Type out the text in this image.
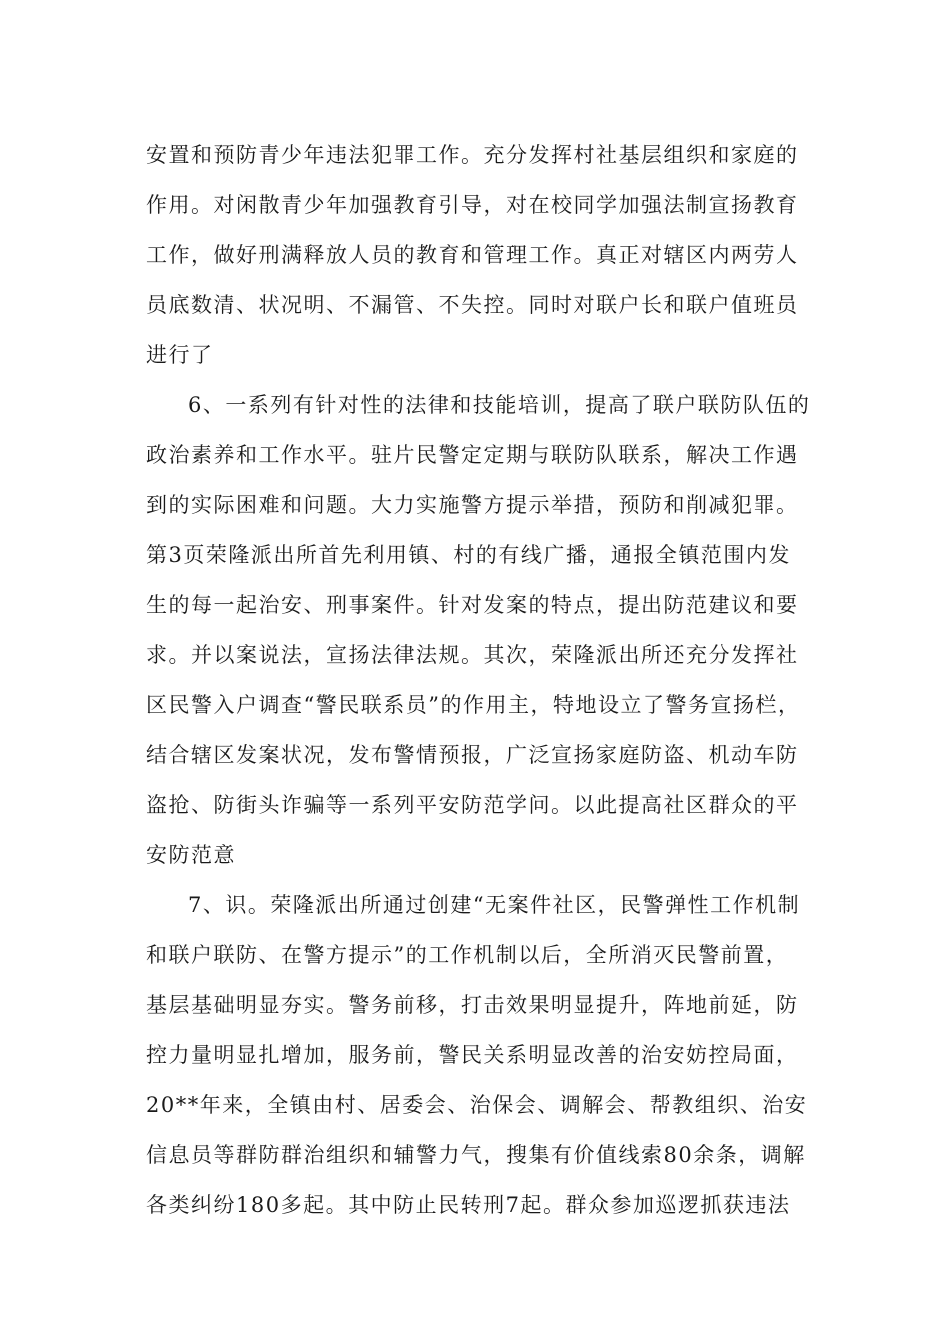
安置和预防青少年违法犯罪工作。充分发挥村社基层组织和家庭的
作用。对闲散青少年加强教育引导，对在校同学加强法制宣扬教育
工作，做好刑满释放人员的教育和管理工作。真正对辖区内两劳人
员底数清、状况明、不漏管、不失控。同时对联户长和联户值班员
进行了
6、一系列有针对性的法律和技能培训，提高了联户联防队伍的
政治素养和工作水平。驻片民警定定期与联防队联系，解决工作遇
到的实际困难和问题。大力实施警方提示举措，预防和削减犯罪。
第3页荣隆派出所首先利用镇、村的有线广播，通报全镇范围内发
生的每一起治安、刑事案件。针对发案的特点，提出防范建议和要
求。并以案说法，宣扬法律法规。其次，荣隆派出所还充分发挥社
区民警入户调查“警民联系员”的作用主，特地设立了警务宣扬栏，
结合辖区发案状况，发布警情预报，广泛宣扬家庭防盗、机动车防
盗抢、防街头诈骗等一系列平安防范学问。以此提高社区群众的平
安防范意
7、识。荣隆派出所通过创建“无案件社区，民警弹性工作机制
和联户联防、在警方提示”的工作机制以后，全所消灭民警前置，
基层基础明显夯实。警务前移，打击效果明显提升，阵地前延，防
控力量明显扎增加，服务前，警民关系明显改善的治安妨控局面，
20**年来，全镇由村、居委会、治保会、调解会、帮教组织、治安
信息员等群防群治组织和辅警力气，搜集有价值线索80余条，调解
各类纠纷180多起。其中防止民转刑7起。群众参加巡逻抓获违法
